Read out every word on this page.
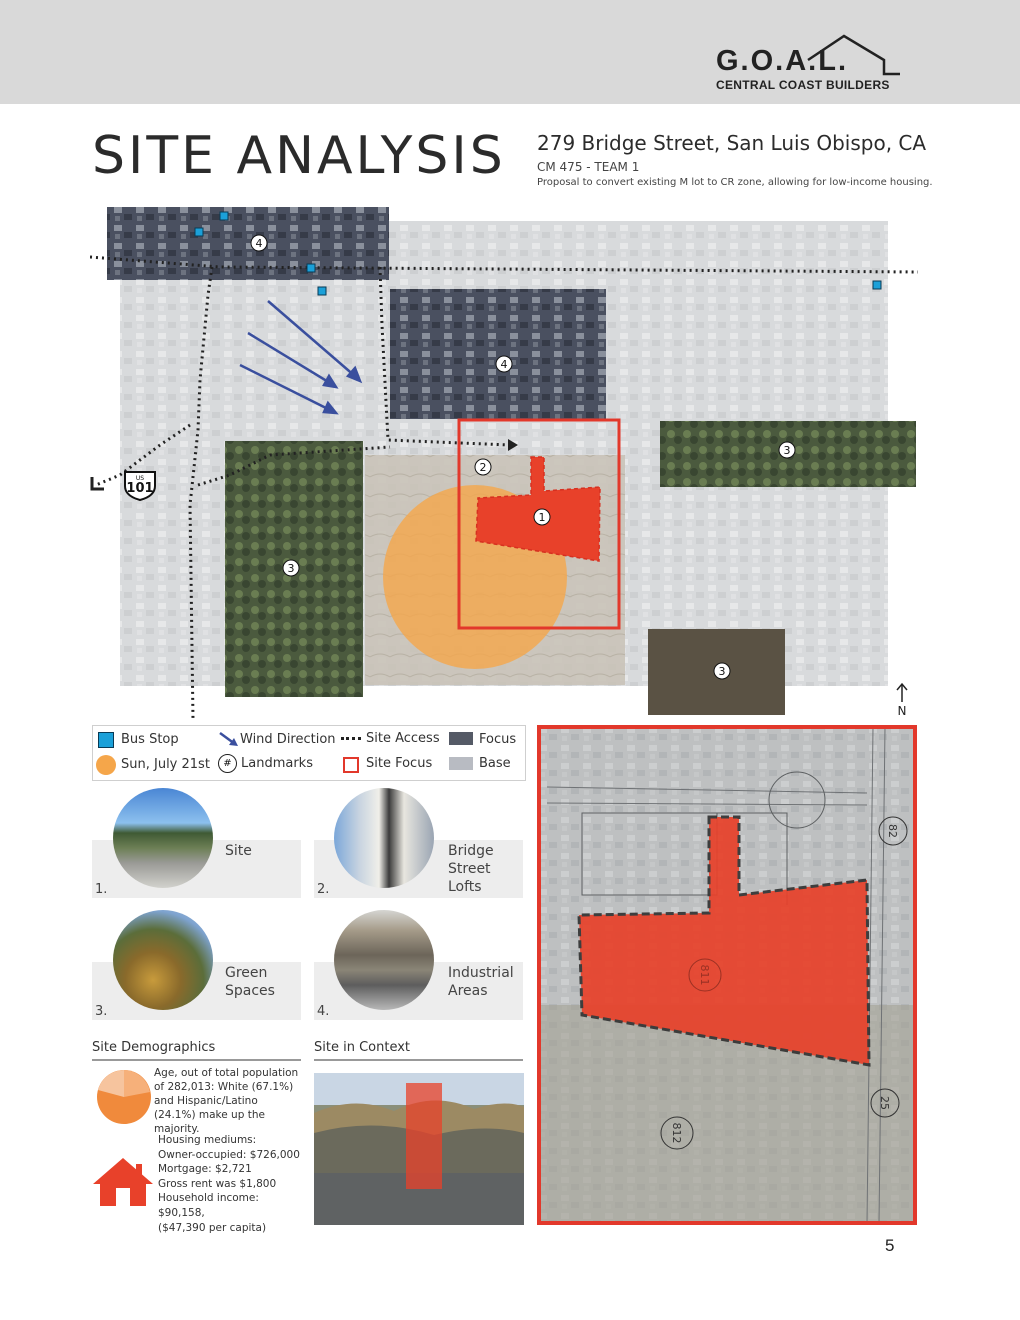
G.O.A.L.
CENTRAL COAST BUILDERS
SITE ANALYSIS 279 Bridge Street, San Luis Obispo, CA
CM 475 - TEAM 1
Proposal to convert existing M lot to CR zone, allowing for low-income housing.
US
101
4
4
3
3
3
2
1
N
Bus Stop	Wind Direction Site Access	Focus
Sun, July 21st	# Landmarks	Site Focus	Base
Site
1.
Bridge
Street
Lofts
2.
Green
Spaces
3.
Industrial
Areas
4.
Site Demographics
Age, out of total population of 282,013: White (67.1%) and Hispanic/Latino (24.1%) make up the majority.
Housing mediums:
Owner-occupied: $726,000
Mortgage: $2,721
Gross rent was $1,800
Household income: $90,158,
($47,390 per capita)
Site in Context
82
25
812
811
5
